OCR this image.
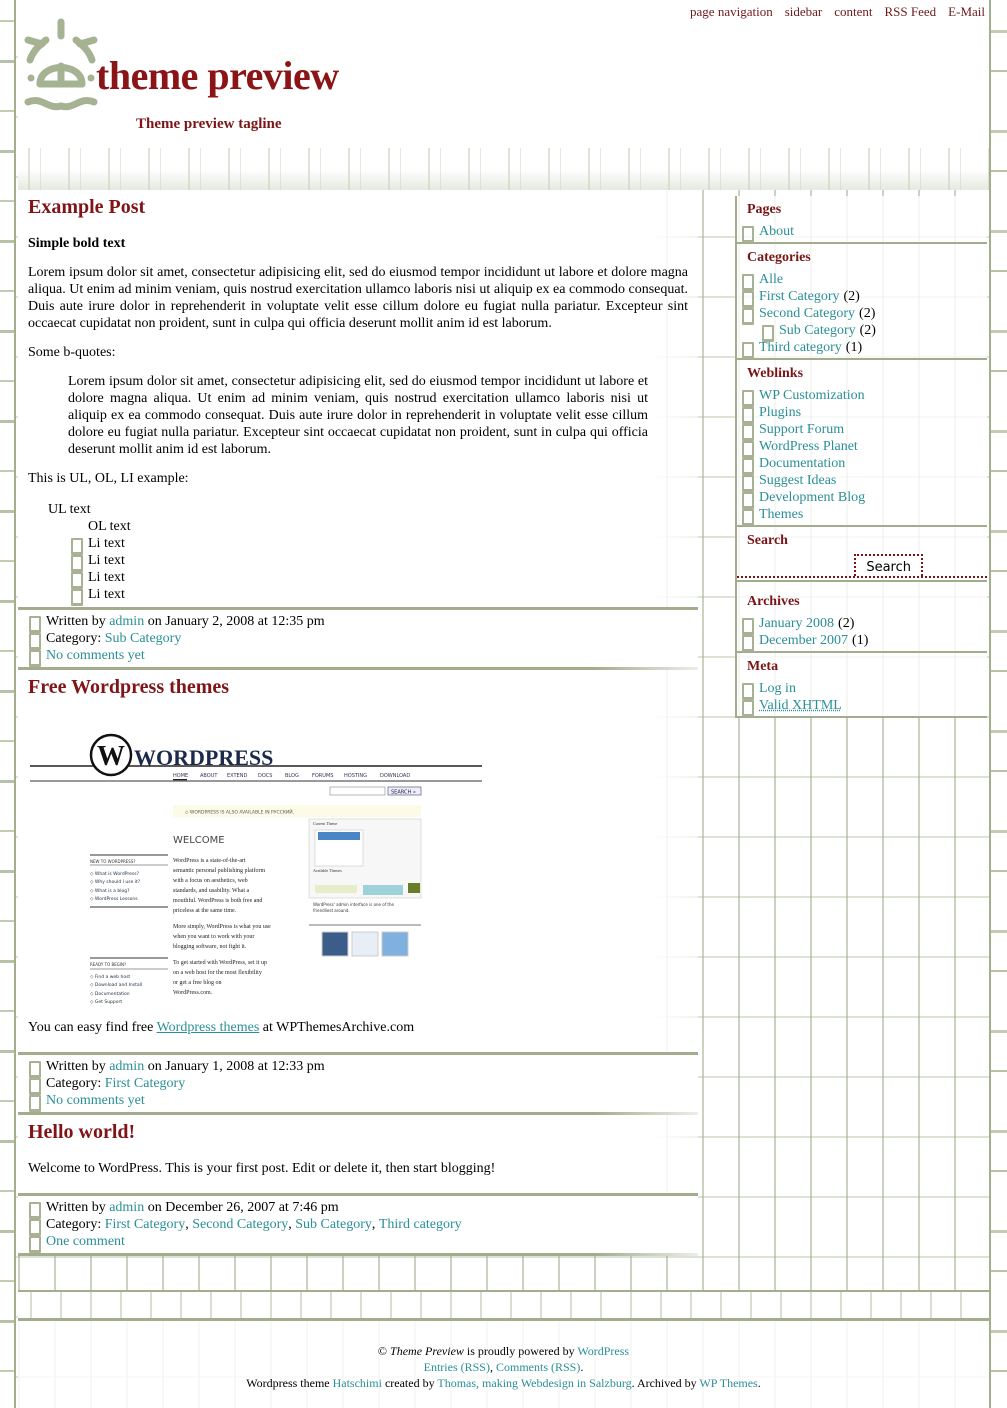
theme preview
Theme preview tagline
page navigation sidebar content RSS Feed E-Mail
Example Post

Simple bold text

Lorem ipsum dolor sit amet, consectetur adipisicing elit, sed do eiusmod tempor incididunt ut labore et dolore magna aliqua. Ut enim ad minim veniam, quis nostrud exercitation ullamco laboris nisi ut aliquip ex ea commodo consequat. Duis aute irure dolor in reprehenderit in voluptate velit esse cillum dolore eu fugiat nulla pariatur. Excepteur sint occaecat cupidatat non proident, sunt in culpa qui officia deserunt mollit anim id est laborum.

Some b-quotes:

Lorem ipsum dolor sit amet, consectetur adipisicing elit, sed do eiusmod tempor incididunt ut labore et dolore magna aliqua. Ut enim ad minim veniam, quis nostrud exercitation ullamco laboris nisi ut aliquip ex ea commodo consequat. Duis aute irure dolor in reprehenderit in voluptate velit esse cillum dolore eu fugiat nulla pariatur. Excepteur sint occaecat cupidatat non proident, sunt in culpa qui officia deserunt mollit anim id est laborum.

This is UL, OL, LI example:

UL text
OL text
Li text
Li text
Li text
Li text
Written by
admin
on January 2, 2008 at 12:35 pm
Category:
Sub Category
No comments yet
Free Wordpress themes
W WORDPRESS
HOME ABOUT EXTEND DOCS	BLOG	FORUMS HOSTING	DOWNLOAD
SEARCH »
◇ WORDPRESS IS ALSO AVAILABLE IN РУССКИЙ.
WELCOME
WordPress is a state-of-the-art
semantic personal publishing platform
with a focus on aesthetics, web
standards, and usability. What a
mouthful. WordPress is both free and
priceless at the same time.
More simply, WordPress is what you use
when you want to work with your
blogging software, not fight it.
To get started with WordPress, set it up
on a web host for the most flexibility
or get a free blog on
WordPress.com.
NEW TO WORDPRESS?
◇ What is WordPress?
◇ Why should I use it?
◇ What is a blog?
◇ WordPress Lessons
READY TO BEGIN?
◇ Find a web host
◇ Download and Install
◇ Documentation
◇ Get Support
Current Theme
Available Themes
WordPress' admin interface is one of the
friendliest around.

You can easy find free Wordpress themes at WPThemesArchive.com

Written by
admin
on January 1, 2008 at 12:33 pm
Category:
First Category
No comments yet
Hello world!

Welcome to WordPress. This is your first post. Edit or delete it, then start blogging!

Written by
admin
on December 26, 2007 at 7:46 pm
Category:
First Category , Second Category , Sub Category , Third category
One comment
Pages
About
Categories
Alle
First Category (2)
Second Category (2)
Sub Category (2)
Third category (1)
Weblinks
WP Customization
Plugins
Support Forum
WordPress Planet
Documentation
Suggest Ideas
Development Blog
Themes
Search
Search
Archives
January 2008 (2)
December 2007 (1)
Meta
Log in
Valid XHTML
© Theme Preview is proudly powered by WordPress
Entries (RSS), Comments (RSS).
Wordpress theme Hatschimi created by Thomas, making Webdesign in Salzburg. Archived by WP Themes.
